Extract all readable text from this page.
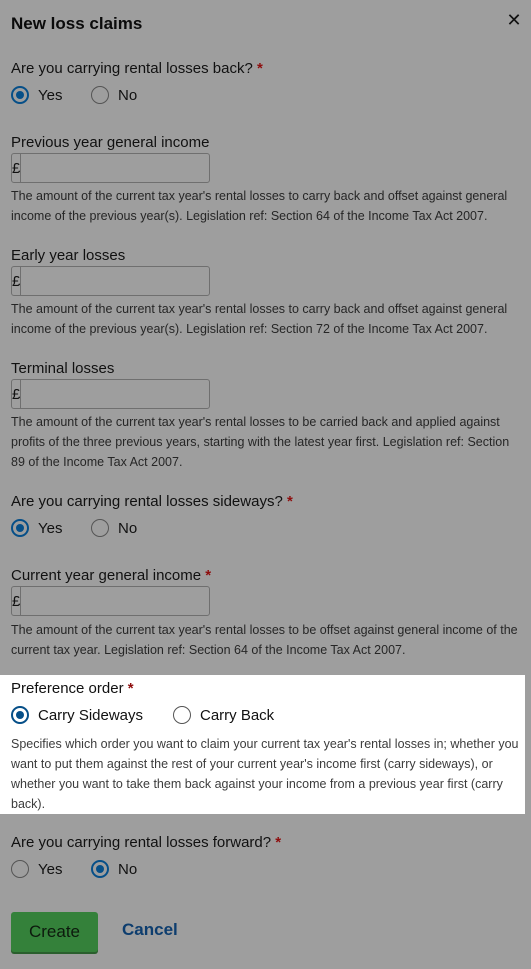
New loss claims	✕
Are you carrying rental losses back? *
Yes	No
Previous year general income
£
The amount of the current tax year's rental losses to carry back and offset against general income of the previous year(s). Legislation ref: Section 64 of the Income Tax Act 2007.
Early year losses
£
The amount of the current tax year's rental losses to carry back and offset against general income of the previous year(s). Legislation ref: Section 72 of the Income Tax Act 2007.
Terminal losses
£
The amount of the current tax year's rental losses to be carried back and applied against profits of the three previous years, starting with the latest year first. Legislation ref: Section 89 of the Income Tax Act 2007.
Are you carrying rental losses sideways? *
Yes	No
Current year general income *
£
The amount of the current tax year's rental losses to be offset against general income of the current tax year. Legislation ref: Section 64 of the Income Tax Act 2007.
Preference order *
Carry Sideways	Carry Back
Specifies which order you want to claim your current tax year's rental losses in; whether you want to put them against the rest of your current year's income first (carry sideways), or whether you want to take them back against your income from a previous year first (carry back).
Are you carrying rental losses forward? *
Yes	No
Create	Cancel
